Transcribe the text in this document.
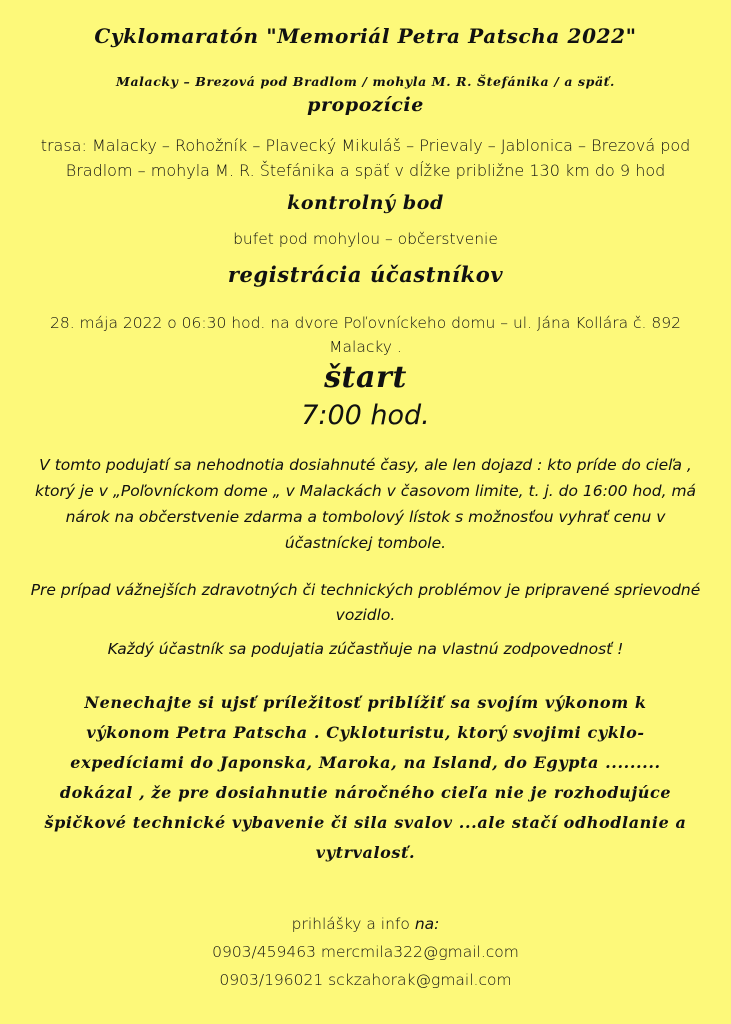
Cyklomaratón "Memoriál Petra Patscha 2022"
Malacky – Brezová pod Bradlom / mohyla M. R. Štefánika / a späť.
propozície
trasa: Malacky – Rohožník – Plavecký Mikuláš – Prievaly – Jablonica – Brezová pod Bradlom – mohyla M. R. Štefánika a späť v dĺžke približne 130 km do 9 hod
kontrolný bod
bufet pod mohylou – občerstvenie
registrácia účastníkov
28. mája 2022 o 06:30 hod. na dvore Poľovníckeho domu – ul. Jána Kollára č. 892 Malacky .
štart
7:00 hod.
V tomto podujatí sa nehodnotia dosiahnuté časy, ale len dojazd : kto príde do cieľa , ktorý je v „Poľovníckom dome „ v Malackách v časovom limite, t. j. do 16:00 hod, má nárok na občerstvenie zdarma a tombolový lístok s možnosťou vyhrať cenu v účastníckej tombole.
Pre prípad vážnejších zdravotných či technických problémov je pripravené sprievodné vozidlo.
Každý účastník sa podujatia zúčastňuje na vlastnú zodpovednosť !
Nenechajte si ujsť príležitosť priblížiť sa svojím výkonom k výkonom Petra Patscha . Cykloturistu, ktorý svojimi cyklo-expedíciami do Japonska, Maroka, na Island, do Egypta ......... dokázal , že pre dosiahnutie náročného cieľa nie je rozhodujúce špičkové technické vybavenie či sila svalov ...ale stačí odhodlanie a vytrvalosť.
prihlášky a info na:
0903/459463 mercmila322@gmail.com
0903/196021 sckzahorak@gmail.com
